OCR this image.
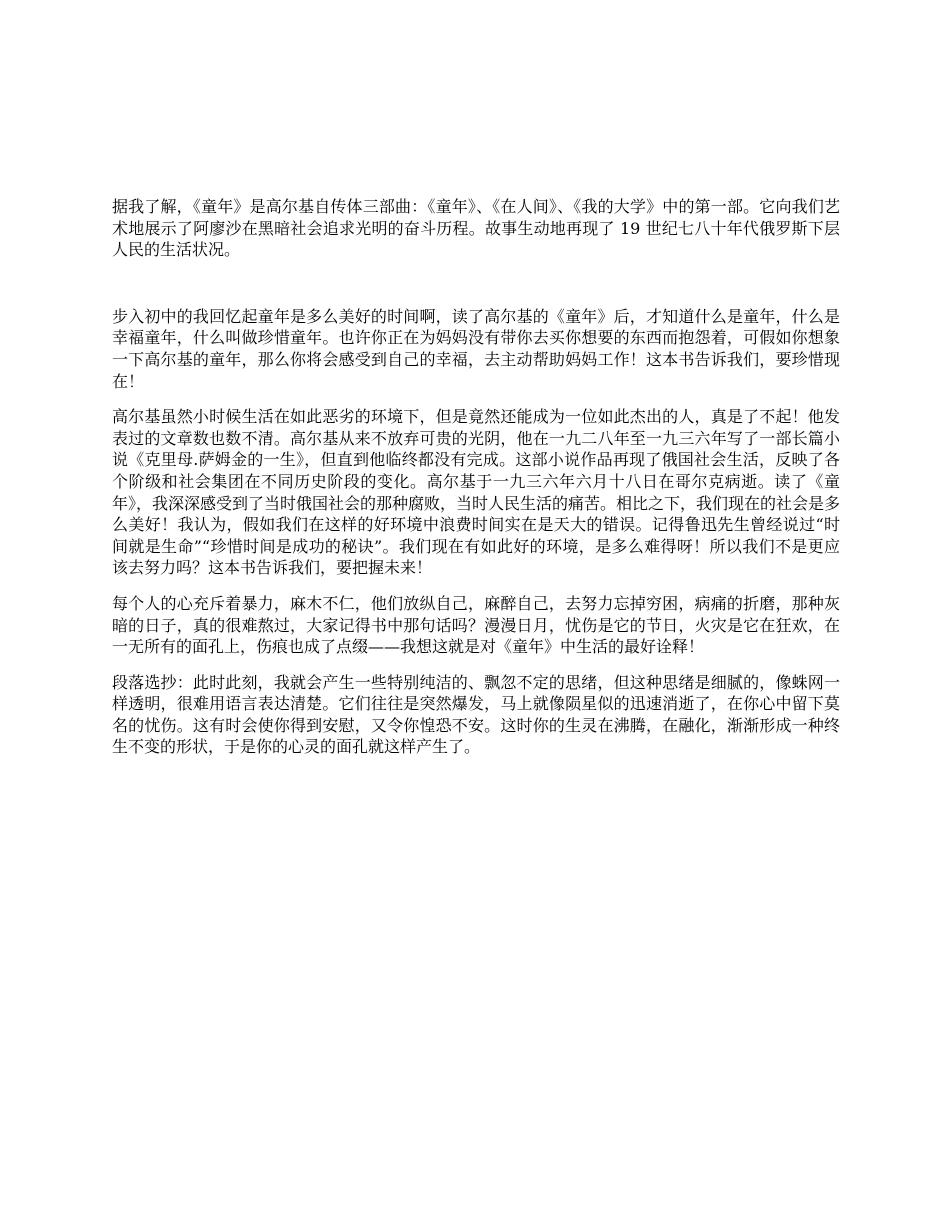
据我了解，《童年》是高尔基自传体三部曲：《童年》、《在人间》、《我的大学》中的第一部。它向我们艺术地展示了阿廖沙在黑暗社会追求光明的奋斗历程。故事生动地再现了 19 世纪七八十年代俄罗斯下层人民的生活状况。

步入初中的我回忆起童年是多么美好的时间啊，读了高尔基的《童年》后，才知道什么是童年，什么是幸福童年，什么叫做珍惜童年。也许你正在为妈妈没有带你去买你想要的东西而抱怨着，可假如你想象一下高尔基的童年，那么你将会感受到自己的幸福，去主动帮助妈妈工作！这本书告诉我们，要珍惜现在！

高尔基虽然小时候生活在如此恶劣的环境下，但是竟然还能成为一位如此杰出的人，真是了不起！他发表过的文章数也数不清。高尔基从来不放弃可贵的光阴，他在一九二八年至一九三六年写了一部长篇小说《克里母.萨姆金的一生》，但直到他临终都没有完成。这部小说作品再现了俄国社会生活，反映了各个阶级和社会集团在不同历史阶段的变化。高尔基于一九三六年六月十八日在哥尔克病逝。读了《童年》，我深深感受到了当时俄国社会的那种腐败，当时人民生活的痛苦。相比之下，我们现在的社会是多么美好！我认为，假如我们在这样的好环境中浪费时间实在是天大的错误。记得鲁迅先生曾经说过“时间就是生命”“珍惜时间是成功的秘诀”。我们现在有如此好的环境，是多么难得呀！所以我们不是更应该去努力吗？这本书告诉我们，要把握未来！

每个人的心充斥着暴力，麻木不仁，他们放纵自己，麻醉自己，去努力忘掉穷困，病痛的折磨，那种灰暗的日子，真的很难熬过，大家记得书中那句话吗？漫漫日月，忧伤是它的节日，火灾是它在狂欢，在一无所有的面孔上，伤痕也成了点缀——我想这就是对《童年》中生活的最好诠释！

段落选抄：此时此刻，我就会产生一些特别纯洁的、飘忽不定的思绪，但这种思绪是细腻的，像蛛网一样透明，很难用语言表达清楚。它们往往是突然爆发，马上就像陨星似的迅速消逝了，在你心中留下莫名的忧伤。这有时会使你得到安慰，又令你惶恐不安。这时你的生灵在沸腾，在融化，渐渐形成一种终生不变的形状，于是你的心灵的面孔就这样产生了。
